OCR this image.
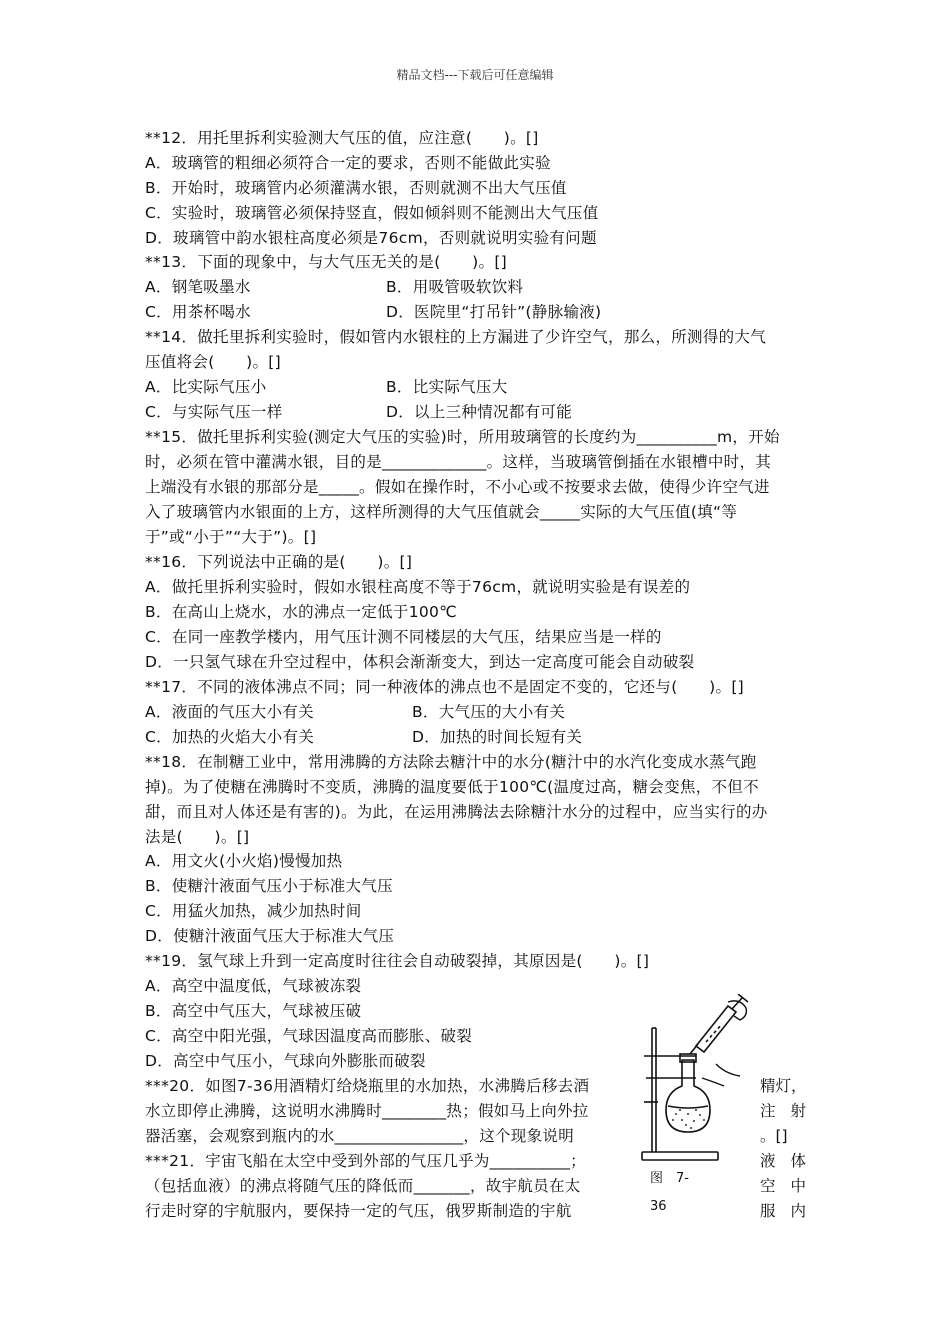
精品文档---下载后可任意编辑
**12．用托里拆利实验测大气压的值，应注意(　　)。[]
A．玻璃管的粗细必须符合一定的要求，否则不能做此实验
B．开始时，玻璃管内必须灌满水银，否则就测不出大气压值
C．实验时，玻璃管必须保持竖直，假如倾斜则不能测出大气压值
D．玻璃管中韵水银柱高度必须是76cm，否则就说明实验有问题
**13．下面的现象中，与大气压无关的是(　　)。[]
A．钢笔吸墨水	B．用吸管吸软饮料
C．用茶杯喝水	D．医院里“打吊针”(静脉输液)
**14．做托里拆利实验时，假如管内水银柱的上方漏进了少许空气，那么，所测得的大气
压值将会(　　)。[]
A．比实际气压小	B．比实际气压大
C．与实际气压一样	D．以上三种情况都有可能
**15．做托里拆利实验(测定大气压的实验)时，所用玻璃管的长度约为__________m，开始
时，必须在管中灌满水银，目的是_____________。这样，当玻璃管倒插在水银槽中时，其
上端没有水银的那部分是_____。假如在操作时，不小心或不按要求去做，使得少许空气进
入了玻璃管内水银面的上方，这样所测得的大气压值就会_____实际的大气压值(填“等
于”或“小于”“大于”)。[]
**16．下列说法中正确的是(　　)。[]
A．做托里拆利实验时，假如水银柱高度不等于76cm，就说明实验是有误差的
B．在高山上烧水，水的沸点一定低于100℃
C．在同一座教学楼内，用气压计测不同楼层的大气压，结果应当是一样的
D．一只氢气球在升空过程中，体积会渐渐变大，到达一定高度可能会自动破裂
**17．不同的液体沸点不同；同一种液体的沸点也不是固定不变的，它还与(　　)。[]
A．液面的气压大小有关	B．大气压的大小有关
C．加热的火焰大小有关	D．加热的时间长短有关
**18．在制糖工业中，常用沸腾的方法除去糖汁中的水分(糖汁中的水汽化变成水蒸气跑
掉)。为了使糖在沸腾时不变质，沸腾的温度要低于100℃(温度过高，糖会变焦，不但不
甜，而且对人体还是有害的)。为此，在运用沸腾法去除糖汁水分的过程中，应当实行的办
法是(　　)。[]
A．用文火(小火焰)慢慢加热
B．使糖汁液面气压小于标准大气压
C．用猛火加热，减少加热时间
D．使糖汁液面气压大于标准大气压
**19．氢气球上升到一定高度时往往会自动破裂掉，其原因是(　　)。[]
A．高空中温度低，气球被冻裂
B．高空中气压大，气球被压破
C．高空中阳光强，气球因温度高而膨胀、破裂
D．高空中气压小，气球向外膨胀而破裂
***20．如图7-36用酒精灯给烧瓶里的水加热，水沸腾后移去酒	精灯，
水立即停止沸腾，这说明水沸腾时________热；假如马上向外拉	注射
器活塞，会观察到瓶内的水________________，这个现象说明	。[]
***21．宇宙飞船在太空中受到外部的气压几乎为__________；	液体
（包括血液）的沸点将随气压的降低而_______，故宇航员在太	空中
行走时穿的宇航服内，要保持一定的气压，俄罗斯制造的宇航	服内
图　7-
36
